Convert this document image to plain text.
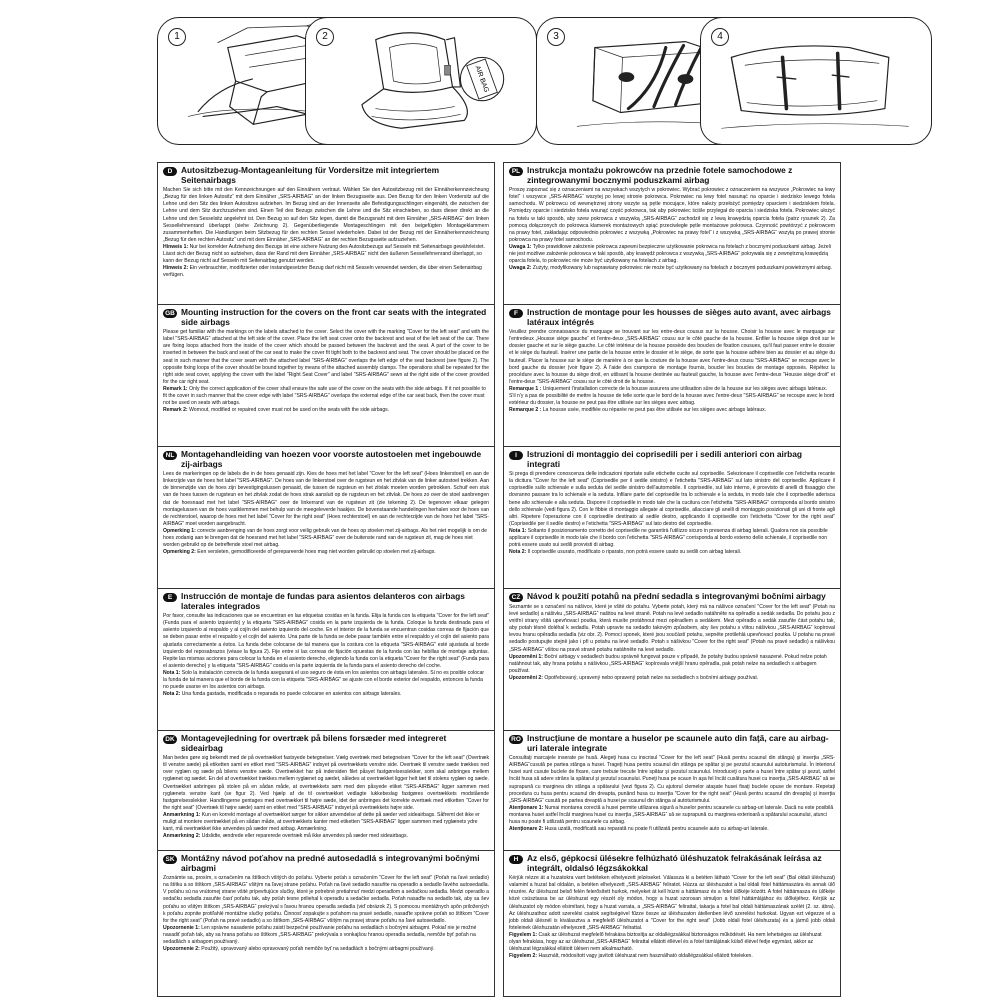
1	2
AIR BAG
3	4
D	Autositzbezug-Montageanleitung für Vordersitze mit integriertem Seitenairbags

Machen Sie sich bitte mit den Kennzeichnungen auf den Einnähern vertraut. Wählen Sie den Autositzbezug mit der Einnäherkennzeichnung „Bezug für den linken Autositz“ mit dem Einnäher „SRS-AIRBAG“ an der linken Bezugsseite aus. Den Bezug für den linken Vordersitz auf die Lehne und den Sitz des linken Autositzes aufziehen. Im Bezug sind an der Innenseite alle Befestigungsschlingen eingenäht, die zwischen der Lehne und dem Sitz durchzuziehen sind. Einen Teil des Bezugs zwischen die Lehne und die Sitz einschieben, so dass dieser direkt an die Lehne und den Sesselsitz angelehnt ist. Den Bezug so auf den Sitz legen, damit die Bezugsnaht mit dem Einnäher „SRS-AIRBAG“ den linken Sessellehnenrand überlappt (siehe Zeichnung 2). Gegenüberliegende Montageschlingen mit den beigefügten Montageklammern zusammenheften. Die Handlungen beim Sitzbezug für den rechten Sessel wiederholen. Dabei ist der Bezug mit der Einnäherkennzeichnung „Bezug für den rechten Autositz“ und mit dem Einnäher „SRS-AIRBAG“ an der rechten Bezugsseite aufzuziehen.

Hinweis 1: Nur bei korrekter Aufziehung des Bezugs ist eine sichere Nutzung des Autositzbezugs auf Sesseln mit Seitenairbags gewährleistet. Lässt sich der Bezug nicht so aufziehen, dass der Rand mit dem Einnäher „SRS-AIRBAG“ nicht den äußeren Sessellehnenrand überlappt, so kann der Bezug nicht auf Sesseln mit Seitenairbag genutzt werden.

Hinweis 2: Ein verbrauchter, modifizierter oder instandgesetzter Bezug darf nicht mit Sesseln verwendet werden, die über einen Seitenairbag verfügen.

PL Instrukcja montażu pokrowców na przednie fotele samochodowe z zintegrowanymi bocznymi poduszkami airbag

Proszę zapoznać się z oznaczeniami na wszywkach wszytych w pokrowiec. Wybrać pokrowiec z oznaczeniem na wszywce „Pokrowiec na lewy fotel“ i wszywce „SRS-AIRBAG“ wszytej po lewej stronie pokrowca. Pokrowiec na lewy fotel nasunąć na oparcie i siedzisko lewego fotela samochodu. W pokrowcu od wewnętrznej strony wszyte są pętle mocujące, które należy przełożyć pomiędzy oparciem i siedziskiem fotela. Pomiędzy oparcie i siedzisko fotela wsunąć część pokrowca, tak aby pokrowiec ściśle przylegał do oparcia i siedziska fotela. Pokrowiec ułożyć na fotelu w taki sposób, aby szew pokrowca z wszywką „SRS-AIRBAG“ zachodził się z lewą krawędzią oparcia fotela (patrz rysunek 2). Za pomocą dołączonych do pokrowca klamerek montażowych spiąć przeciwległe pętle montażowe pokrowca. Czynność powtórzyć z pokrowcem na prawy fotel, zakładając odpowiednio pokrowiec z wszywką „Pokrowiec na prawy fotel“ i z wszywką „SRS-AIRBAG“ wszytą po prawej stronie pokrowca na prawy fotel samochodu.

Uwaga 1: Tylko prawidłowe założenie pokrowca zapewni bezpieczne użytkowanie pokrowca na fotelach z bocznymi poduszkami airbag. Jeżeli nie jest możliwe założenie pokrowca w taki sposób, aby krawędź pokrowca z wszywką „SRS-AIRBAG“ pokrywała się z zewnętrzną krawędzią oparcia fotela, to pokrowiec nie może być użytkowany na fotelach z airbag.

Uwaga 2: Zużyty, modyfikowany lub naprawiany pokrowiec nie może być użytkowany na fotelach z bocznymi poduszkami powietrznymi airbag.

GB Mounting instruction for the covers on the front car seats with the integrated side airbags

Please get familiar with the markings on the labels attached to the cover. Select the cover with the marking "Cover for the left seat" and with the label "SRS-AIRBAG" attached at the left side of the cover. Place the left seat cover onto the backrest and seat of the left seat of the car. There are fixing loops attached from the inside of the cover which should be passed between the backrest and the seat. A part of the cover to be inserted in between the back and seat of the car seat to make the cover fit tight both to the backrest and seat. The cover should be placed on the seat in such manner that the cover seam with the attached label "SRS-AIRBAG" overlaps the left edge of the seat backrest (see figure 2). The opposite fixing loops of the cover should be bound together by means of the attached assembly clamps. The operations shall be repeated for the right side seat cover, applying the cover with the label "Right Seat Cover" and label "SRS-AIRBAG" sewn at the right side of the cover provided for the car right seat.

Remark 1: Only the correct application of the cover shall ensure the safe use of the cover on the seats with the side airbags. If it not possible to fit the cover in such manner that the cover edge with label "SRS-AIRBAG" overlaps the external edge of the car seat back, then the cover must not be used on seats with airbags.

Remark 2: Wornout, modified or repaired cover must not be used on the seats with the side airbags.

F	Instruction de montage pour les housses de sièges auto avant, avec airbags latéraux intégrés

Veuillez prendre connaissance du marquage se trouvant sur les entre-deux cousus sur la housse. Choisir la housse avec le marquage sur l'entredeux „Housse siège gauche“ et l'entre-deux „SRS-AIRBAG“ cousu sur le côté gauche de la housse. Enfiler la housse siège droit sur le dossier gauche et sur le siège gauche. Le côté intérieur de la housse possède des boucles de fixation cousues, qu'il faut passer entre le dossier et le siège du fauteuil. Insérer une partie de la housse entre le dossier et le siège, de sorte que la housse adhère bien au dossier et au siège du fauteuil. Placer la housse sur le siège de manière à ce que la couture de la housse avec l'entre-deux cousu "SRS-AIRBAG" se recoupe avec le bord gauche du dossier (voir figure 2). À l'aide des crampons de montage fournis, boucler les boucles de montage opposés. Répétez la procédure avec la housse du siège droit, en utilisant la housse destinée au fauteuil gauche, la housse avec l'entre-deux "Housse siège droit" et l'entre-deux "SRS-AIRBAG" cousu sur le côté droit de la housse.

Remarque 1 : Uniquement l'installation correcte de la housse assurera une utilisation sûre de la housse sur les sièges avec airbags latéraux. S'il n'y a pas de possibilité de mettre la housse de telle sorte que le bord de la housse avec l'entre-deux "SRS-AIRBAG" se recoupe avec le bord extérieur du dossier, la housse ne peut pas être utilisée sur les sièges avec airbag.

Remarque 2 : La housse usée, modifiée ou réparée ne peut pas être utilisée sur les sièges avec airbags latéraux.

NL Montagehandleiding van hoezen voor voorste autostoelen met ingebouwde zij-airbags

Lees de markeringen op de labels die in de hoes genaaid zijn. Kies de hoes met het label "Cover for the left seat" (Hoes linkerstoel) en aan de linkerzijde van de hoes het label "SRS-AIRBAG". De hoes van de linkerstoel over de rugsteun en het zitvlak van de linker autostoel trekken. Aan de binnenzijde van de hoes zijn bevestigingslussen genaaid, die tussen de rugsteun en het zitvlak moeten worden getrokken. Schuif een stuk van de hoes tussen de rugsteun en het zitvlak zodat de hoes strak aansluit op de rugsteun en het zitvlak. De hoes zo over de stoel aanbrengen dat de hoesnaad met het label "SRS-AIRBAG" over de linkerrand van de rugsteun zit (zie tekening 2). De tegenover elkaar gelegen montagelussen van de hoes vastklemmen met behulp van de meegeleverde haakjes. De bovenstaande handelingen herhalen voor de hoes van de rechterstoel, waarop de hoes met het label "Cover for the right seat" (Hoes rechterstoel) en aan de rechterzijde van de hoes het label "SRS-AIRBAG" moet worden aangebracht.

Opmerking 1: correcte aanbrenging van de hoes zorgt voor veilig gebruik van de hoes op stoelen met zij-airbags. Als het niet mogelijk is om de hoes zodanig aan te brengen dat de hoesrand met het label "SRS-AIRBAG" over de buitenste rand van de rugsteun zit, mag de hoes niet worden gebruikt op de betreffende stoel met airbag.

Opmerking 2: Een versleten, gemodificeerde of gerepareerde hoes mag niet worden gebruikt op stoelen met zij-airbags.

I	Istruzioni di montaggio dei coprisedili per i sedili anteriori con airbag integrati

Si prega di prendere conoscenza delle indicazioni riportate sulle etichette cucite sul coprisedile. Selezionare il coprisedile con l'etichetta recante la dicitura "Cover for the left seat" (Coprisedile per il sedile sinistro) e l'etichetta "SRS-AIRBAG" sul lato sinistro del coprisedile. Applicare il coprisedile sullo schienale e sulla seduta del sedile sinistro dell'automobile. Il coprisedile, sul lato interno, è provvisto di anelli di fissaggio che dovranno passare tra lo schienale e la seduta. Infilare parte del coprisedile tra lo schienale e la seduta, in modo tale che il coprisedile aderisca bene allo schienale e alla seduta. Disporre il coprisedile in modo tale che la cucitura con l'etichetta "SRS-AIRBAG" corrisponda al bordo sinistro dello schienale (vedi figura 2). Con le fibbie di montaggio allegate al coprisedile, allacciare gli anelli di montaggio posizionati gli uni di fronte agli altri. Ripetere l'operazione con il coprisedile destinato al sedile destro, applicando il coprisedile con l'etichetta "Cover for the right seat" (Coprisedile per il sedile destro) e l'etichetta "SRS-AIRBAG" sul lato destro del coprisedile.

Nota 1: Soltanto il posizionamento corretto del coprisedile ne garantirà l'utilizzo sicuro in presenza di airbag laterali. Qualora non sia possibile applicare il coprisedile in modo tale che il bordo con l'etichetta "SRS-AIRBAG" corrisponda al bordo esterno dello schienale, il coprisedile non potrà essere usato sui sedili provvisti di airbag.

Nota 2: Il coprisedile usurato, modificato o riparato, non potrà essere usato su sedili con airbag laterali.

E	Instrucción de montaje de fundas para asientos delanteros con airbags laterales integrados

Por favor, consulte las indicaciones que se encuentran en las etiquetas cosidas en la funda. Elija la funda con la etiqueta "Cover for the left seat" (Funda para el asiento izquierdo) y la etiqueta "SRS-AIRBAG" cosida en la parte izquierda de la funda. Coloque la funda destinada para el asiento izquierdo al respaldo y al cojín del asiento izquierdo del coche. En el interior de la funda se encuentran cosidas correas de fijación que se deben pasar entre el respaldo y el cojín del asiento. Una parte de la funda se debe pasar también entre el respaldo y el cojín del asiento para ajustarla correctamente a éstos. La funda debe colocarse de tal manera que la costura con la etiqueta "SRS-AIRBAG" esté ajustada al borde izquierdo del reposabrazos (véase la figura 2). Fije entre sí las correas de fijación opuestas de la funda con las hebillas de montaje adjuntas. Repite las mismas acciones para colocar la funda en el asiento derecho, eligiendo la funda con la etiqueta "Cover for the right seat" (Funda para el asiento derecho) y la etiqueta "SRS-AIRBAG" cosida en la parte izquierda de la funda para el asiento derecho del coche.

Nota 1: Solo la instalación correcta de la funda asegurará el uso seguro de ésta en los asientos con airbags laterales. Si no es posible colocar la funda de tal manera que el borde de la funda con la etiqueta "SRS-AIRBAG" se ajuste con el borde exterior del respaldo, entonces la funda no puede usarse en los asientos con airbags.

Nota 2: Una funda gastada, modificada o reparada no puede colocarse en asientos con airbags laterales.

CZ Návod k použití potahů na přední sedadla s integrovanými bočními airbagy

Seznamte se s označení na nášivce, které je všité do potahu. Vyberte potah, který má na nášivce označení "Cover for the left seat" (Potah na levé sedadlo) a nášivku „SRS-AIRBAG“ našitou na levé straně. Potah na levé sedadlo natáhněte na opěradlo a sedák sedadla. Do potahu jsou z vnitřní strany všitá upevňovací poutka, která musíte protáhnout mezi opěradlem a sedákem. Mezi opěradlo a sedák zasuňte část potahu tak, aby potah těsně doléhal k sedadlu. Potah upravte na sedadlo takovým způsobem, aby šev potahu s vlitou nášivkou „SRS-AIRBAG“ kopíroval levou hranu opěradla sedadla (viz obr. 2). Pomocí sponek, které jsou součástí potahu, sepněte protilehlá upevňovací poutka. U potahu na pravé sedadlo postupujte stejně jako i při u potahu na levé sedadlo. Potah s nášivkou "Cover for the right seat" (Potah na pravé sedadlo) a nášivkou „SRS-AIRBAG“ všitou na pravé straně potahu natáhněte na levé sedadlo.

Upozornění 1: Boční airbagy v sedadlech budou správně fungovat pouze v případě, že potahy budou správně nasazené. Pokud nelze potah natáhnout tak, aby hrana potahu s nášivkou „SRS-AIRBAG“ kopírovala vnější hranu opěradla, pak potah nelze na sedadlech s airbagem používat.

Upozornění 2: Opotřebovaný, upravený nebo opravený potah nelze na sedadlech s bočními airbagy používat.

DK Montagevejledning for overtræk på bilens forsæder med integreret sideairbag

Man bedes gøre sig bekendt med de på overtrækket fastsyede betegnelser. Vælg overtræk med betegnelsen "Cover for the left seat" (Overtræk til venstre sæde) på etiketten samt en etiket med "SRS-AIRBAG" indsyet på overtrækkets venstre side. Overtræk til venstre sæde trækkes ned over ryglæn og sæde på bilens venstre sæde. Overtrækket har på indersiden filet påsyet fastgørelsesslekker, som skal anbringes mellem ryglænet og sædet. En del af overtrækket trækkes mellem ryglænet og sædet, således at overtrækket ligger helt tæt til stolens ryglæn og sæde. Overtrækket anbringes på stolen på en sådan måde, at overtrækkets søm med den påsyede etiket "SRS-AIRBAG" ligger sammen med ryglænets venstre kant (se figur 2). Ved hjælp af de til overtrækket vedlagte lukkebeslag fastgøres overtrækkets modstående fastgørelsesslekker. Handlingerne gentages med overtrækket til højre sæde, idet der anbringes det korrekte overtræk med etiketten "Cover for the right seat" (Overtræk til højre sæde) samt en etiket med "SRS-AIRBAG" indsyet på overtrækkets højre side.

Anmærkning 1: Kun en korrekt montage af overtrækket sørger for sikker anvendelse af dette på sæder ved sideairbags. Såfremt det ikke er muligt at montere overtrækket på en sådan måde, at overtrækkets kanter med etiketten "SRS-AIRBAG" ligger sammen med ryglænets ydre kant, må overtrækket ikke anvendes på sæder med airbag. Anmærkning.

Anmærkning 2: Udslidte, ændrede eller reparerede overtræk må ikke anvendes på sæder med sideairbags.

RO Instrucţiune de montare a huselor pe scaunele auto din faţă, care au airbag-uri laterale integrate

Consultaţi marcajele inserate pe husă. Alegeţi husa cu inscrisul "Cover for the left seat" (Husă pentru scaunul din stânga) şi inserţia „SRS-AIRBAG“cusută pe partea stânga a husei. Trageţi husa pentru scaunul din stânga pe spătar şi pe şezutul scaunului autoturismului. În interiorul husei sunt cusute buclele de fixare, care trebuie trecute între spătar şi şezutul scaunului. Introduceţi o parte a husei între spătar şi şezut, astfel încât husa să adere strâns la spătarul şi şezutul scaunului. Puneţi husa pe scaun în aşa fel încât cusătura husei cu inserţia „SRS-AIRBAG“ să se suprapună cu marginea din stânga a spătarului (vezi figura 2). Cu ajutorul clemelor ataşate husei fixaţi buclele opuse de montare. Repetaţi procedura cu husa pentru scaunul din dreapta, punând husa cu inserţia "Cover for the right seat" (Husă pentru scaunul din dreapta) şi inserţia „SRS-AIRBAG“ cusută pe partea dreaptă a husei pe scaunul din stânga al autoturismului.

Atenţionare 1: Numai montarea corectă a husei permite utilizarea sigură a huselor pentru scaunele cu airbag-uri laterale. Dacă nu este posibilă montarea husei astfel încât marginea husei cu inserţia „SRS-AIRBAG“ să se suprapună cu marginea exterioară a spătarului scaunului, atunci husa nu poate fi utilizată pentru scaunele cu airbag.

Atenţionare 2: Husa uzată, modificată sau reparată nu poate fi utilizată pentru scaunele auto cu airbag-uri laterale.

SK Montážny návod poťahov na predné autosedadlá s integrovanými bočnými airbagmi

Zoznámte sa, prosím, s označením na štítkoch všitých do poťahu. Vyberte poťah s označením "Cover for the left seat" (Poťah na ľavé sedadlo) na štítku a so štítkom „SRS-AIRBAG“ všitým na ľavej strane poťahu. Poťah na ľavé sedadlo nasuňte na operadlo a sedadlo ľavého autosedadla. V poťahu sú na vnútornej strane všité prípevňujúce slučky, ktoré je potrebné pretiahnuť medzi operadlom a sedačkou sedadla. Medzi operadlo a sedačku sedadla zasuňte časť poťahu tak, aby poťah tesne priliehal k operadlu a sedačke sedadla. Poťah nasaďte na sedadlo tak, aby sa šev poťahu so všitým štítkom „SRS-AIRBAG“ prekrýval s ľavou hranou operadla sedadla (viď obrázok 2). S pomocou montážnych spôn priložených k poťahu zopnite protiľahlé montážne slučky poťahu. Činnosť zopakujte s poťahom na pravé sedadlo, nasaďte správne poťah so štítkom "Cover for the right seat" (Poťah na pravé sedadlo) a so štítkom „SRS-AIRBAG“ všitým na pravej strane poťahu na ľavé autosedadlo.

Upozornenie 1: Len správne nasadenie poťahu zaistí bezpečné používanie poťahu na sedadlách s bočnými airbagmi. Pokiaľ nie je možné nasadiť poťah tak, aby sa hrana poťahu so štítkom „SRS-AIRBAG“ prekrývala s vonkajšou hranou operadla sedadla, nemôže byť poťah na sedadlách s airbagom používaný.

Upozornenie 2: Použitý, upravovaný alebo opravovaný poťah nemôže byť na sedadlách s bočnými airbagmi používaný.

H	Az első, gépkocsi ülésekre felhúzható üléshuzatok felrakásának leírása az integrált, oldalsó légzsákokkal

Kérjük nézze át a huzatokra varrt betéteken elhelyezett jelzéseket. Válassza ki a betéten látható "Cover for the left seat" (Bal oldali üléshuzat) valamint a huzat bal oldalán, a betéten elhelyezett „SRS-AIRBAG“ feliratot. Húzza az üléshuzatot a bal oldali fotel háttámaszára és annak ülő részére. Az üléshuzat belső felén felerősített hurkok, melyeket át kell húzni a háttámasz és a fotel ülőkéje között. A fotel háttámasza és ülőkéje közé csúsztassa be az üléshuzat egy részét oly módon, hogy a huzat szorosan simuljon a fotel háttámlájához és ülőkéjéhez. Kérjük az üléshuzatot oly módon elsimítani, hogy a huzat varrata, a „SRS-AIRBAG“ felirattal, takarja a fotel bal oldali háttámaszának szélét (2. sz. ábra). Az üléshuzathoz adott szerelési csatok segítségével fűzze össze az üléshuzaton átellenben lévő szerelési hurkokat. Ugyan ezt végezze el a jobb oldali ülésnél is kiválasztva a megfelelő üléshuzatot a "Cover for the right seat" (Jobb oldali fotel üléshuzata) és a jármű jobb oldali foteleinek üléshuzatán elhelyezett „SRS-AIRBAG“ felirattal.

Figyelem 1: Csak az üléshuzat megfelelő felrakása biztosítja az oldallégzsákkal biztonságos működését. Ha nem lehetséges az üléshuzat olyan felrakása, hogy az az üléshuzat „SRS-AIRBAG“ felirattal ellátott éllével és a fotel támlájának külső élével fedje egymást, akkor az üléshuzat légzsákkal ellátott ülésen nem alkalmazható.

Figyelem 2: Használt, módosított vagy javított üléshuzat nem használható oldallégzsákkal ellátott foteleken.
